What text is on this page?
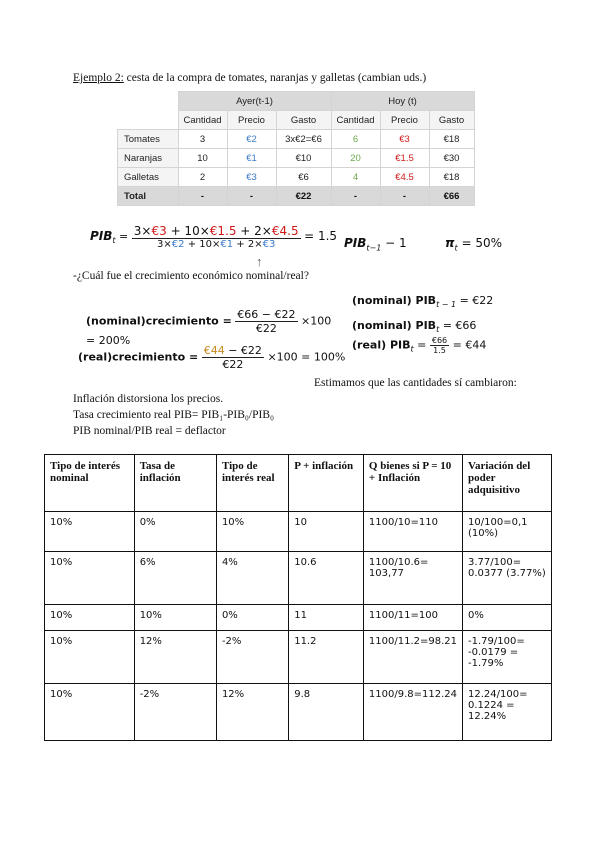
Ejemplo 2: cesta de la compra de tomates, naranjas y galletas (cambian uds.)
	Ayer(t-1)			Hoy (t)		
	Cantidad	Precio	Gasto	Cantidad	Precio	Gasto
Tomates	3	€2	3x€2=€6	6	€3	€18
Naranjas	10	€1	€10	20	€1.5	€30
Galletas	2	€3	€6	4	€4.5	€18
Total	-	-	€22	-	-	€66
$PIB_t = \frac{3\times€3 + 10\times€1.5 + 2\times€4.5}{3\times€2 + 10\times€1 + 2\times€3} = 1.5$
↑
$PIB_{t-1} - 1$	$\pi_t = 50\%$
-¿Cuál fue el crecimiento económico nominal/real?
(nominal)crecimiento = $\frac{€66 - €22}{€22} \times 100$
= 200%
(real)crecimiento = $\frac{€44 - €22}{€22} \times 100 = 100\%$
(nominal) $PIB_{t - 1}$ = €22
(nominal) $PIB_t$ = €66
(real) $PIB_t = \frac{€66}{1.5}$ = €44
Estimamos que las cantidades sí cambiaron:
Inflación distorsiona los precios.
Tasa crecimiento real PIB= PIB₁-PIB₀/PIB₀
PIB nominal/PIB real = deflactor
Tipo de interés nominal	Tasa de inflación	Tipo de interés real	P + inflación	Q bienes si P = 10 + Inflación	Variación del poder adquisitivo
10%	0%	10%	10	1100/10=110	10/100=0,1 (10%)
10%	6%	4%	10.6	1100/10.6= 103,77	3.77/100= 0.0377 (3.77%)
10%	10%	0%	11	1100/11=100	0%
10%	12%	-2%	11.2	1100/11.2=98.21	-1.79/100= -0.0179 = -1.79%
10%	-2%	12%	9.8	1100/9.8=112.24	12.24/100= 0.1224 = 12.24%
